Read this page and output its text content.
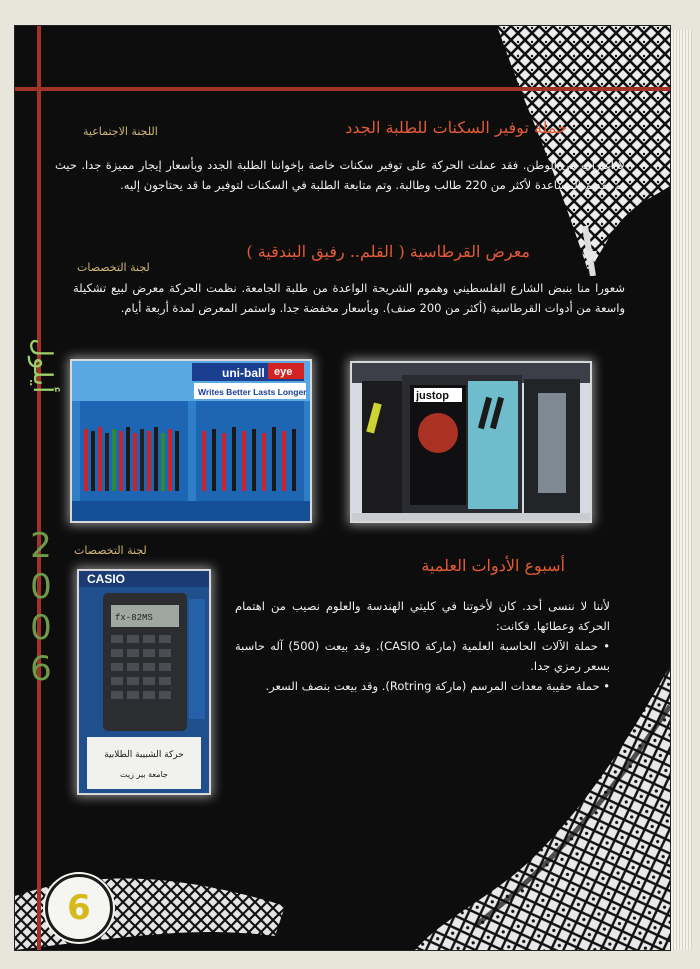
أيلول
2
0
0
6
حملة توفير السكنات للطلبة الجدد
اللجنة الاجتماعية

لا اغتراب في الوطن. فقد عملت الحركة على توفير سكنات خاصة بإخواننا الطلبة الجدد وبأسعار إيجار مميزة جدا. حيث تم تقديم المساعدة لأكثر من 220 طالب وطالبة. وتم متابعة الطلبة في السكنات لتوفير ما قد يحتاجون إليه.

معرض القرطاسية ( القلم.. رفيق البندقية )
لجنة التخصصات

شعورا منا بنبض الشارع الفلسطيني وهموم الشريحة الواعدة من طلبة الجامعة. نظمت الحركة معرض لبيع تشكيلة واسعة من أدوات القرطاسية (أكثر من 200 صنف). وبأسعار مخفضة جدا. واستمر المعرض لمدة أربعة أيام.

uni-ball eye
Writes Better Lasts Longer	justop
لجنة التخصصات
أسبوع الأدوات العلمية
CASIO
fx-82MS
حركة الشبيبة الطلابية
جامعة بير زيت

لأننا لا ننسى أحد. كان لأخوتنا في كليتي الهندسة والعلوم نصيب من اهتمام الحركة وعطائها. فكانت:

• حملة الآلات الحاسبة العلمية (ماركة CASIO). وقد بيعت (500) آله حاسبة بسعر رمزي جدا.
• حملة حقيبة معدات المرسم (ماركة Rotring). وقد بيعت بنصف السعر.
6
